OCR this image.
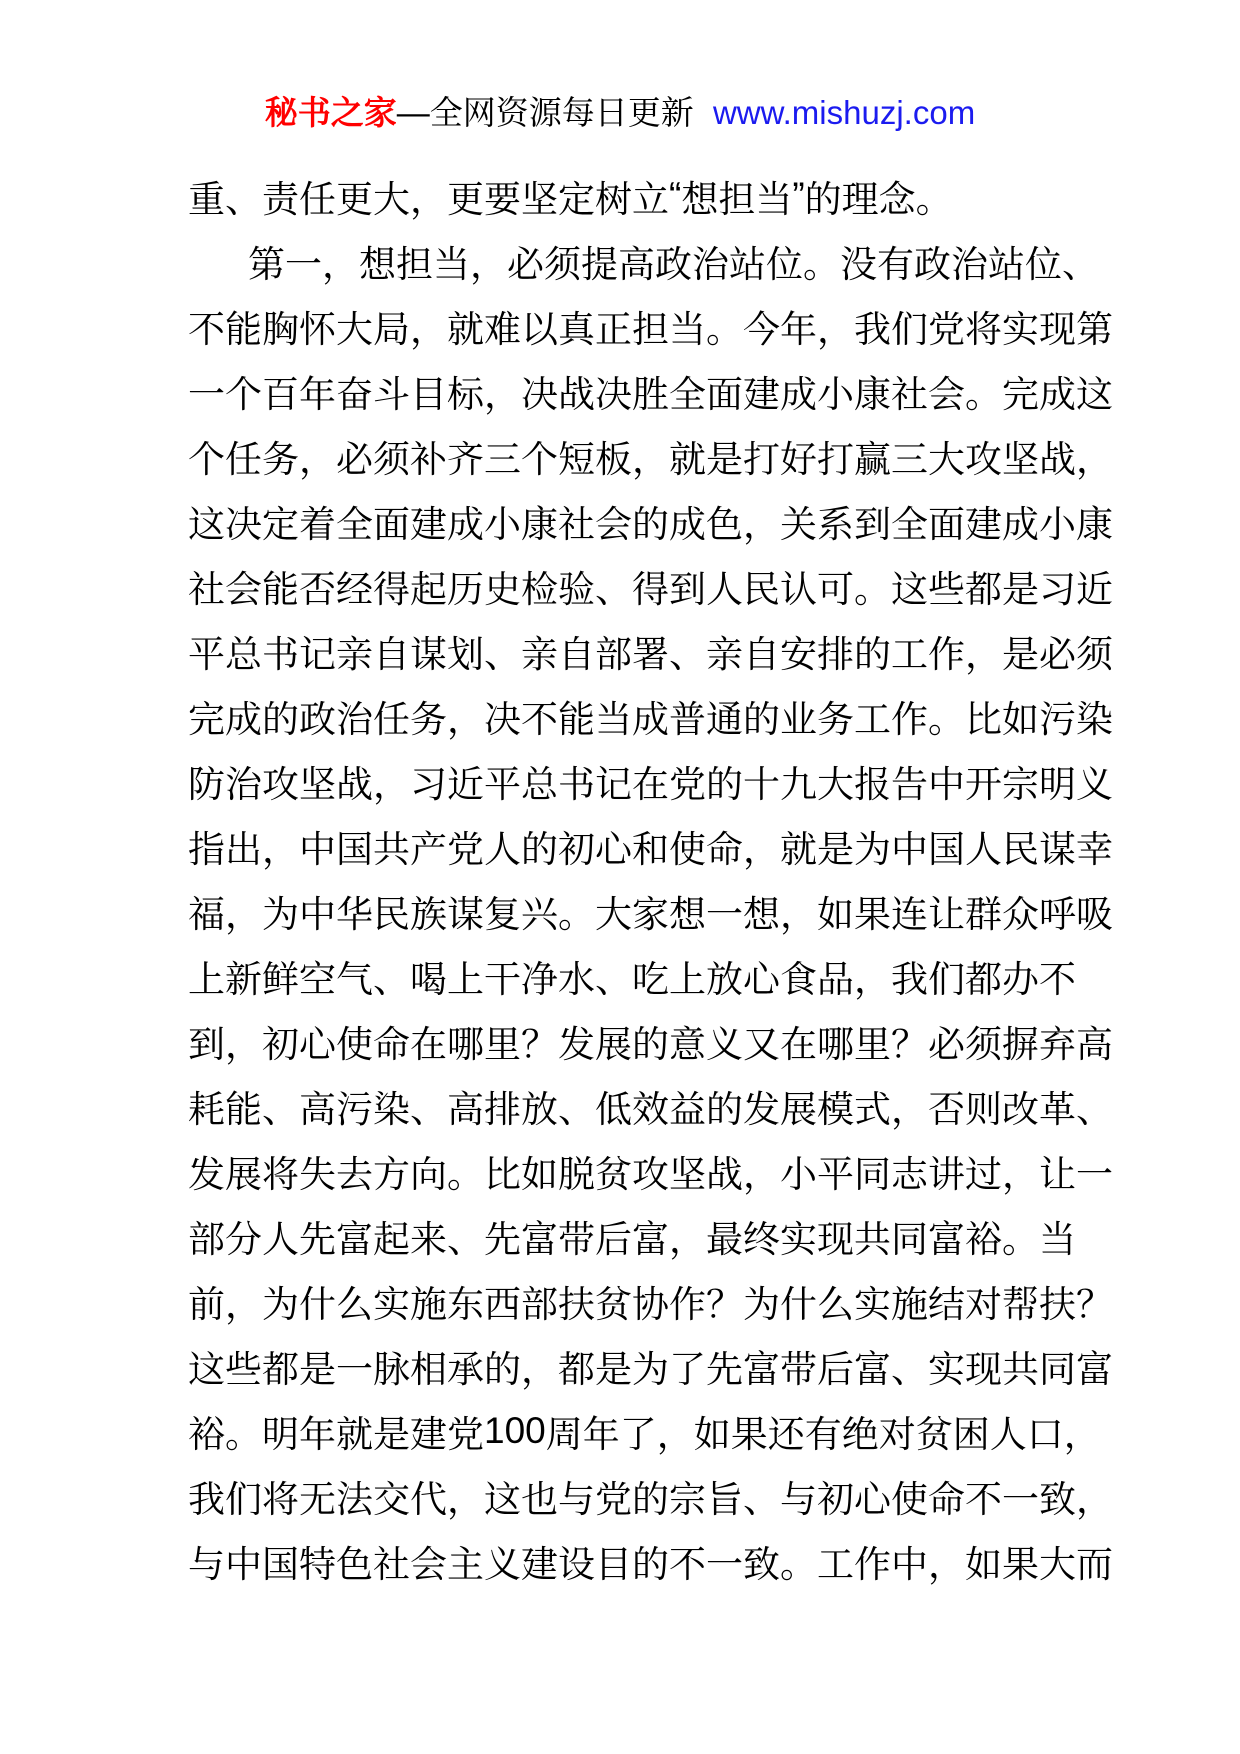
秘书之家—全网资源每日更新 www.mishuzj.com
重 、 责 任 更 大 ， 更 要 坚 定 树 立 “ 想 担 当 ” 的 理 念 。
第 一 ， 想 担 当 ， 必 须 提 高 政 治 站 位 。 没 有 政 治 站 位 、
不 能 胸 怀 大 局 ， 就 难 以 真 正 担 当 。 今 年 ， 我 们 党 将 实 现 第
一 个 百 年 奋 斗 目 标 ， 决 战 决 胜 全 面 建 成 小 康 社 会 。 完 成 这
个 任 务 ， 必 须 补 齐 三 个 短 板 ， 就 是 打 好 打 赢 三 大 攻 坚 战 ，
这 决 定 着 全 面 建 成 小 康 社 会 的 成 色 ， 关 系 到 全 面 建 成 小 康
社 会 能 否 经 得 起 历 史 检 验 、 得 到 人 民 认 可 。 这 些 都 是 习 近
平 总 书 记 亲 自 谋 划 、 亲 自 部 署 、 亲 自 安 排 的 工 作 ， 是 必 须
完 成 的 政 治 任 务 ， 决 不 能 当 成 普 通 的 业 务 工 作 。 比 如 污 染
防 治 攻 坚 战 ， 习 近 平 总 书 记 在 党 的 十 九 大 报 告 中 开 宗 明 义
指 出 ， 中 国 共 产 党 人 的 初 心 和 使 命 ， 就 是 为 中 国 人 民 谋 幸
福 ， 为 中 华 民 族 谋 复 兴 。 大 家 想 一 想 ， 如 果 连 让 群 众 呼 吸
上 新 鲜 空 气 、 喝 上 干 净 水 、 吃 上 放 心 食 品 ， 我 们 都 办 不
到 ， 初 心 使 命 在 哪 里 ？ 发 展 的 意 义 又 在 哪 里 ？ 必 须 摒 弃 高
耗 能 、 高 污 染 、 高 排 放 、 低 效 益 的 发 展 模 式 ， 否 则 改 革 、
发 展 将 失 去 方 向 。 比 如 脱 贫 攻 坚 战 ， 小 平 同 志 讲 过 ， 让 一
部 分 人 先 富 起 来 、 先 富 带 后 富 ， 最 终 实 现 共 同 富 裕 。 当
前 ， 为 什 么 实 施 东 西 部 扶 贫 协 作 ？ 为 什 么 实 施 结 对 帮 扶 ？
这 些 都 是 一 脉 相 承 的 ， 都 是 为 了 先 富 带 后 富 、 实 现 共 同 富
裕 。 明 年 就 是 建 党 100 周 年 了 ， 如 果 还 有 绝 对 贫 困 人 口 ，
我 们 将 无 法 交 代 ， 这 也 与 党 的 宗 旨 、 与 初 心 使 命 不 一 致 ，
与 中 国 特 色 社 会 主 义 建 设 目 的 不 一 致 。 工 作 中 ， 如 果 大 而
